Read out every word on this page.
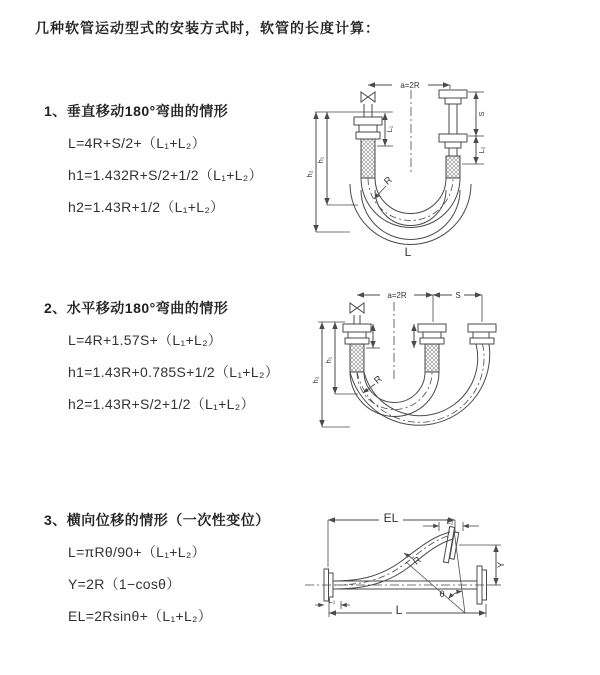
几种软管运动型式的安装方式时，软管的长度计算：
1、垂直移动180°弯曲的情形
L=4R+S/2+（L₁+L₂）
h1=1.432R+S/2+1/2（L₁+L₂）
h2=1.43R+1/2（L₁+L₂）
2、水平移动180°弯曲的情形
L=4R+1.57S+（L₁+L₂）
h1=1.43R+0.785S+1/2（L₁+L₂）
h2=1.43R+S/2+1/2（L₁+L₂）
3、横向位移的情形（一次性变位）
L=πRθ/90+（L₁+L₂）
Y=2R（1−cosθ）
EL=2Rsinθ+（L₁+L₂）
a=2R
h₁
h₂
L₁
S
L₂
R
L
a=2R	S
h₁
h₂	R
EL	L₂
Y
R
θ
L₁
L
